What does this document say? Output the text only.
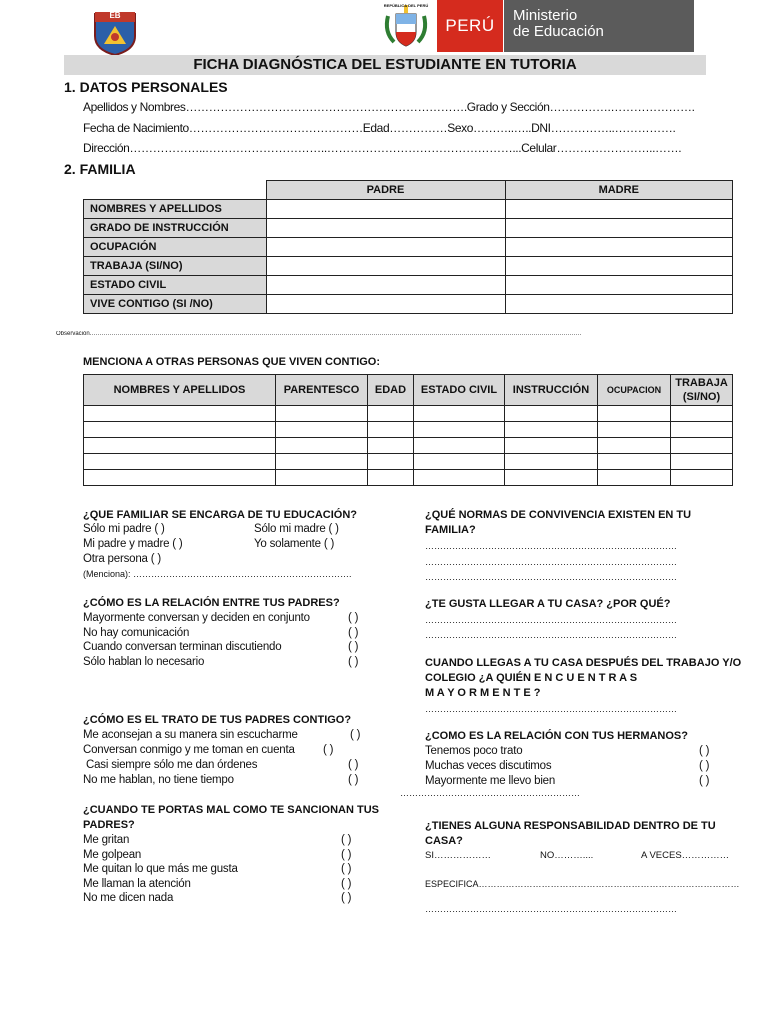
EB
REPÚBLICA DEL PERÚ
PERÚ
Ministerio
de Educación
FICHA DIAGNÓSTICA DEL ESTUDIANTE EN TUTORIA
1. DATOS PERSONALES
Apellidos y Nombres……………………………………………………………….Grado y Sección…………….………………….
Fecha de Nacimiento………………………………………Edad……………Sexo………..…..DNI……………..…………….
Dirección………………..…………………………..…………………………………………...Celular……………………..…….
2. FAMILIA
	PADRE	MADRE
NOMBRES Y APELLIDOS		
GRADO DE INSTRUCCIÓN		
OCUPACIÓN		
TRABAJA (SI/NO)		
ESTADO CIVIL		
VIVE CONTIGO (SI /NO)		
Observación…………………………………………………………………………………………………………………………………………………………………………………………………………………………
MENCIONA A OTRAS PERSONAS QUE VIVEN CONTIGO:
NOMBRES Y APELLIDOS	PARENTESCO	EDAD	ESTADO CIVIL	INSTRUCCIÓN	OCUPACION	TRABAJA (SI/NO)

¿QUE FAMILIAR SE ENCARGA DE TU EDUCACIÓN?
Sólo mi padre ( )	Sólo mi madre ( )
Mi padre y madre ( )	Yo solamente ( )
Otra persona ( )
(Menciona): ……………………………………………………………….
¿CÓMO ES LA RELACIÓN ENTRE TUS PADRES?
Mayormente conversan y deciden en conjunto	( )
No hay comunicación	( )
Cuando conversan terminan discutiendo	( )
Sólo hablan lo necesario	( )
¿CÓMO ES EL TRATO DE TUS PADRES CONTIGO?
Me aconsejan a su manera sin escucharme	( )
Conversan conmigo y me toman en cuenta ( )
Casi siempre sólo me dan órdenes	( )
No me hablan, no tiene tiempo	( )
……………………………………………………
¿CUANDO TE PORTAS MAL COMO TE SANCIONAN TUS
PADRES?
Me gritan	( )
Me golpean	( )
Me quitan lo que más me gusta	( )
Me llaman la atención	( )
No me dicen nada	( )
¿QUÉ NORMAS DE CONVIVENCIA EXISTEN EN TU
FAMILIA?
…………………………………………………………………………
…………………………………………………………………………
…………………………………………………………………………
¿TE GUSTA LLEGAR A TU CASA? ¿POR QUÉ?
…………………………………………………………………………
…………………………………………………………………………
CUANDO LLEGAS A TU CASA DESPUÉS DEL TRABAJO Y/O
COLEGIO ¿A QUIÉN E N C U E N T R A S
M A Y O R M E N T E ?
…………………………………………………………………………
¿COMO ES LA RELACIÓN CON TUS HERMANOS?
Tenemos poco trato	( )
Muchas veces discutimos	( )
Mayormente me llevo bien	( )
¿TIENES ALGUNA RESPONSABILIDAD DENTRO DE TU
CASA?
SI………………	NO………....	A VECES……………
ESPECIFICA……………………………………………………………………………
…………………………………………………………………………
